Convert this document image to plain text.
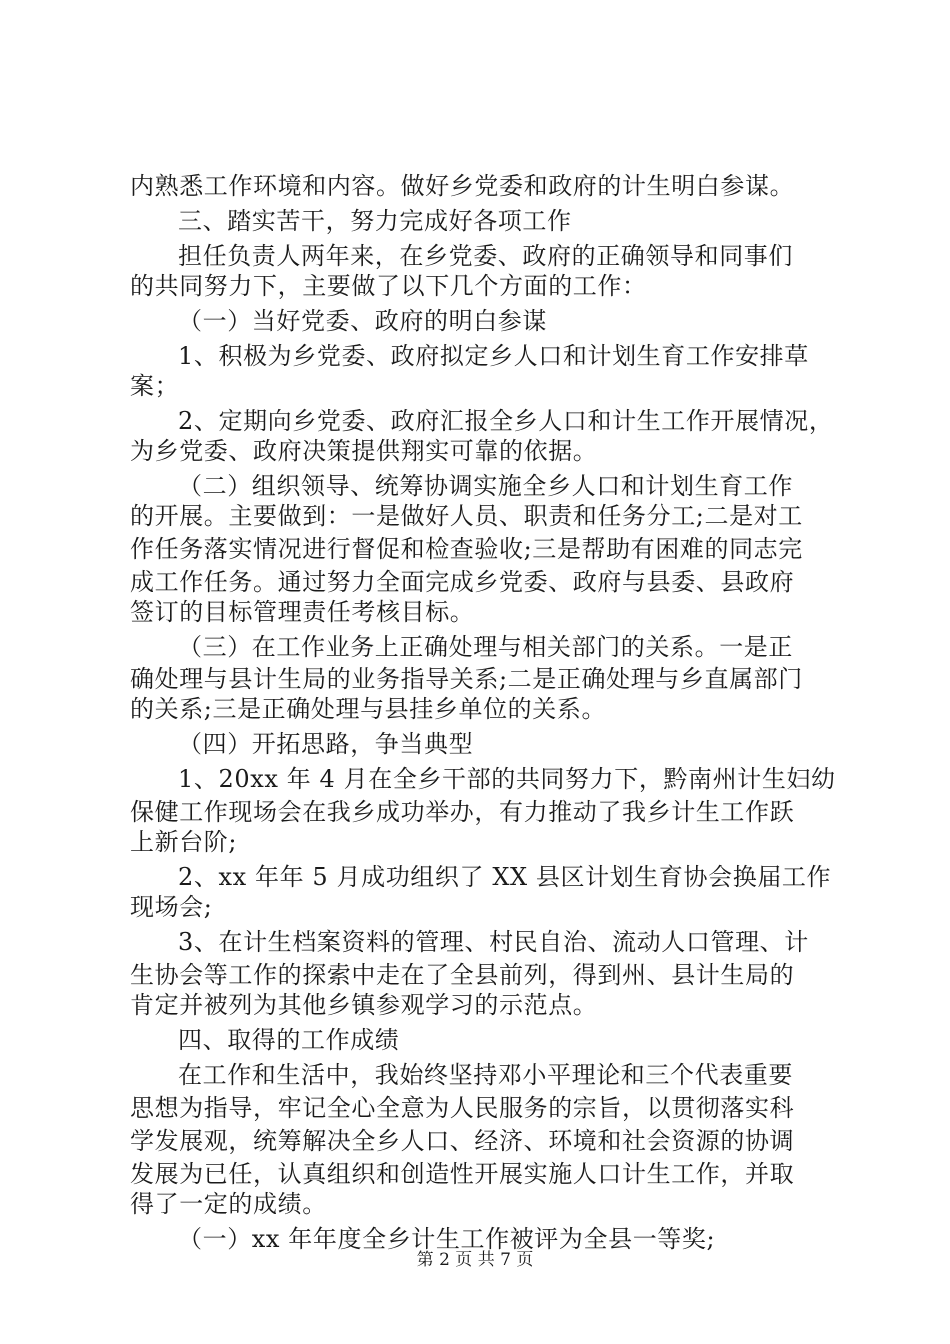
内熟悉工作环境和内容。做好乡党委和政府的计生明白参谋。

三、踏实苦干，努力完成好各项工作

担任负责人两年来，在乡党委、政府的正确领导和同事们

的共同努力下，主要做了以下几个方面的工作：

（一）当好党委、政府的明白参谋

1、积极为乡党委、政府拟定乡人口和计划生育工作安排草

案；

2、定期向乡党委、政府汇报全乡人口和计生工作开展情况，

为乡党委、政府决策提供翔实可靠的依据。

（二）组织领导、统筹协调实施全乡人口和计划生育工作

的开展。主要做到：一是做好人员、职责和任务分工;二是对工

作任务落实情况进行督促和检查验收;三是帮助有困难的同志完

成工作任务。通过努力全面完成乡党委、政府与县委、县政府

签订的目标管理责任考核目标。

（三）在工作业务上正确处理与相关部门的关系。一是正

确处理与县计生局的业务指导关系;二是正确处理与乡直属部门

的关系;三是正确处理与县挂乡单位的关系。

（四）开拓思路，争当典型

1、20xx 年 4 月在全乡干部的共同努力下，黔南州计生妇幼

保健工作现场会在我乡成功举办，有力推动了我乡计生工作跃

上新台阶;

2、xx 年年 5 月成功组织了 XX 县区计划生育协会换届工作

现场会;

3、在计生档案资料的管理、村民自治、流动人口管理、计

生协会等工作的探索中走在了全县前列，得到州、县计生局的

肯定并被列为其他乡镇参观学习的示范点。

四、取得的工作成绩

在工作和生活中，我始终坚持邓小平理论和三个代表重要

思想为指导，牢记全心全意为人民服务的宗旨，以贯彻落实科

学发展观，统筹解决全乡人口、经济、环境和社会资源的协调

发展为已任，认真组织和创造性开展实施人口计生工作，并取

得了一定的成绩。

（一）xx 年年度全乡计生工作被评为全县一等奖;

第 2 页 共 7 页
